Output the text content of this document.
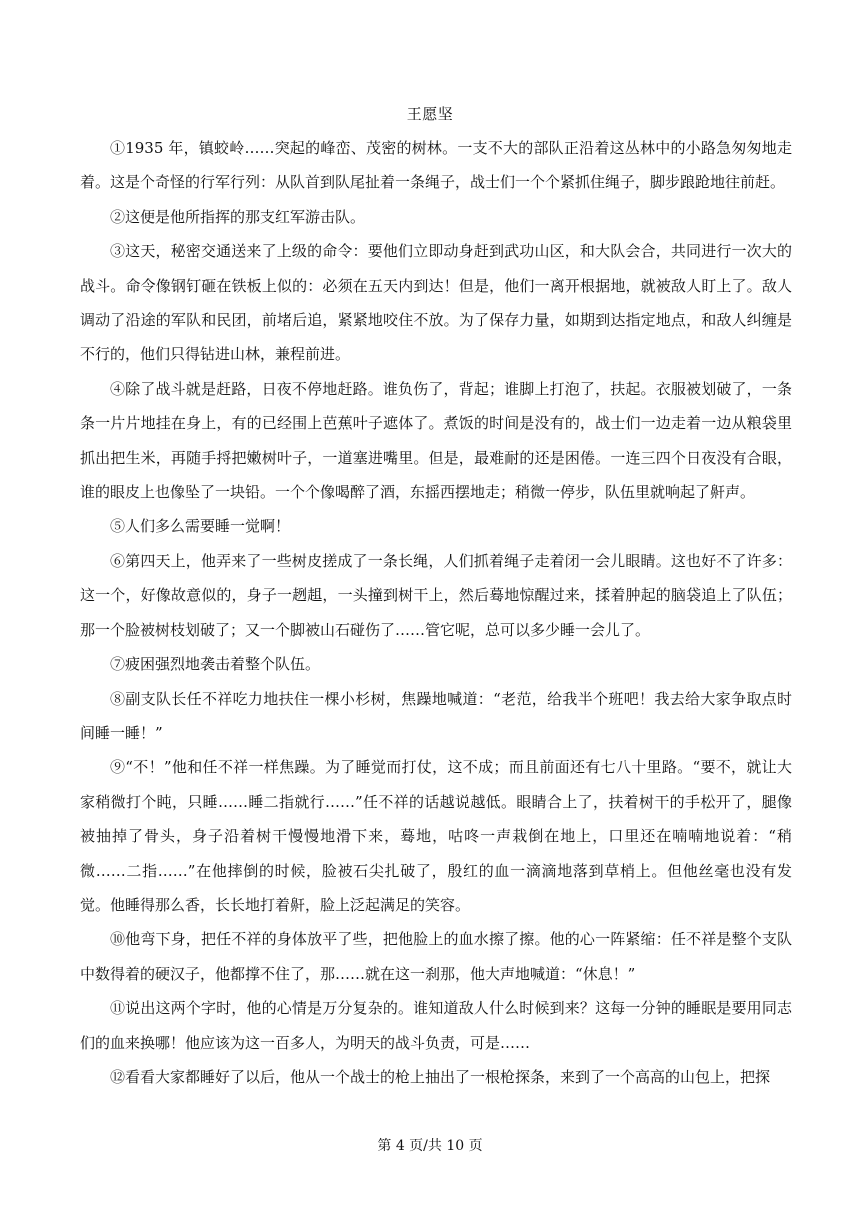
王愿坚

①1935 年，镇蛟岭……突起的峰峦、茂密的树林。一支不大的部队正沿着这丛林中的小路急匆匆地走着。这是个奇怪的行军行列：从队首到队尾扯着一条绳子，战士们一个个紧抓住绳子，脚步踉跄地往前赶。

②这便是他所指挥的那支红军游击队。

③这天，秘密交通送来了上级的命令：要他们立即动身赶到武功山区，和大队会合，共同进行一次大的战斗。命令像钢钉砸在铁板上似的：必须在五天内到达！但是，他们一离开根据地，就被敌人盯上了。敌人调动了沿途的军队和民团，前堵后追，紧紧地咬住不放。为了保存力量，如期到达指定地点，和敌人纠缠是不行的，他们只得钻进山林，兼程前进。

④除了战斗就是赶路，日夜不停地赶路。谁负伤了，背起；谁脚上打泡了，扶起。衣服被划破了，一条条一片片地挂在身上，有的已经围上芭蕉叶子遮体了。煮饭的时间是没有的，战士们一边走着一边从粮袋里抓出把生米，再随手捋把嫩树叶子，一道塞进嘴里。但是，最难耐的还是困倦。一连三四个日夜没有合眼，谁的眼皮上也像坠了一块铅。一个个像喝醉了酒，东摇西摆地走；稍微一停步，队伍里就响起了鼾声。

⑤人们多么需要睡一觉啊！

⑥第四天上，他弄来了一些树皮搓成了一条长绳，人们抓着绳子走着闭一会儿眼睛。这也好不了许多：这一个，好像故意似的，身子一趔趄，一头撞到树干上，然后蓦地惊醒过来，揉着肿起的脑袋追上了队伍；那一个脸被树枝划破了；又一个脚被山石碰伤了……管它呢，总可以多少睡一会儿了。

⑦疲困强烈地袭击着整个队伍。

⑧副支队长任不祥吃力地扶住一棵小杉树，焦躁地喊道：“老范，给我半个班吧！我去给大家争取点时间睡一睡！”

⑨“不！”他和任不祥一样焦躁。为了睡觉而打仗，这不成；而且前面还有七八十里路。“要不，就让大家稍微打个盹，只睡……睡二指就行……”任不祥的话越说越低。眼睛合上了，扶着树干的手松开了，腿像被抽掉了骨头，身子沿着树干慢慢地滑下来，蓦地，咕咚一声栽倒在地上，口里还在喃喃地说着：“稍微……二指……”在他摔倒的时候，脸被石尖扎破了，殷红的血一滴滴地落到草梢上。但他丝毫也没有发觉。他睡得那么香，长长地打着鼾，脸上泛起满足的笑容。

⑩他弯下身，把任不祥的身体放平了些，把他脸上的血水擦了擦。他的心一阵紧缩：任不祥是整个支队中数得着的硬汉子，他都撑不住了，那……就在这一刹那，他大声地喊道：“休息！”

⑪说出这两个字时，他的心情是万分复杂的。谁知道敌人什么时候到来？这每一分钟的睡眠是要用同志们的血来换哪！他应该为这一百多人，为明天的战斗负责，可是……

⑫看看大家都睡好了以后，他从一个战士的枪上抽出了一根枪探条，来到了一个高高的山包上，把探

第 4 页/共 10 页
